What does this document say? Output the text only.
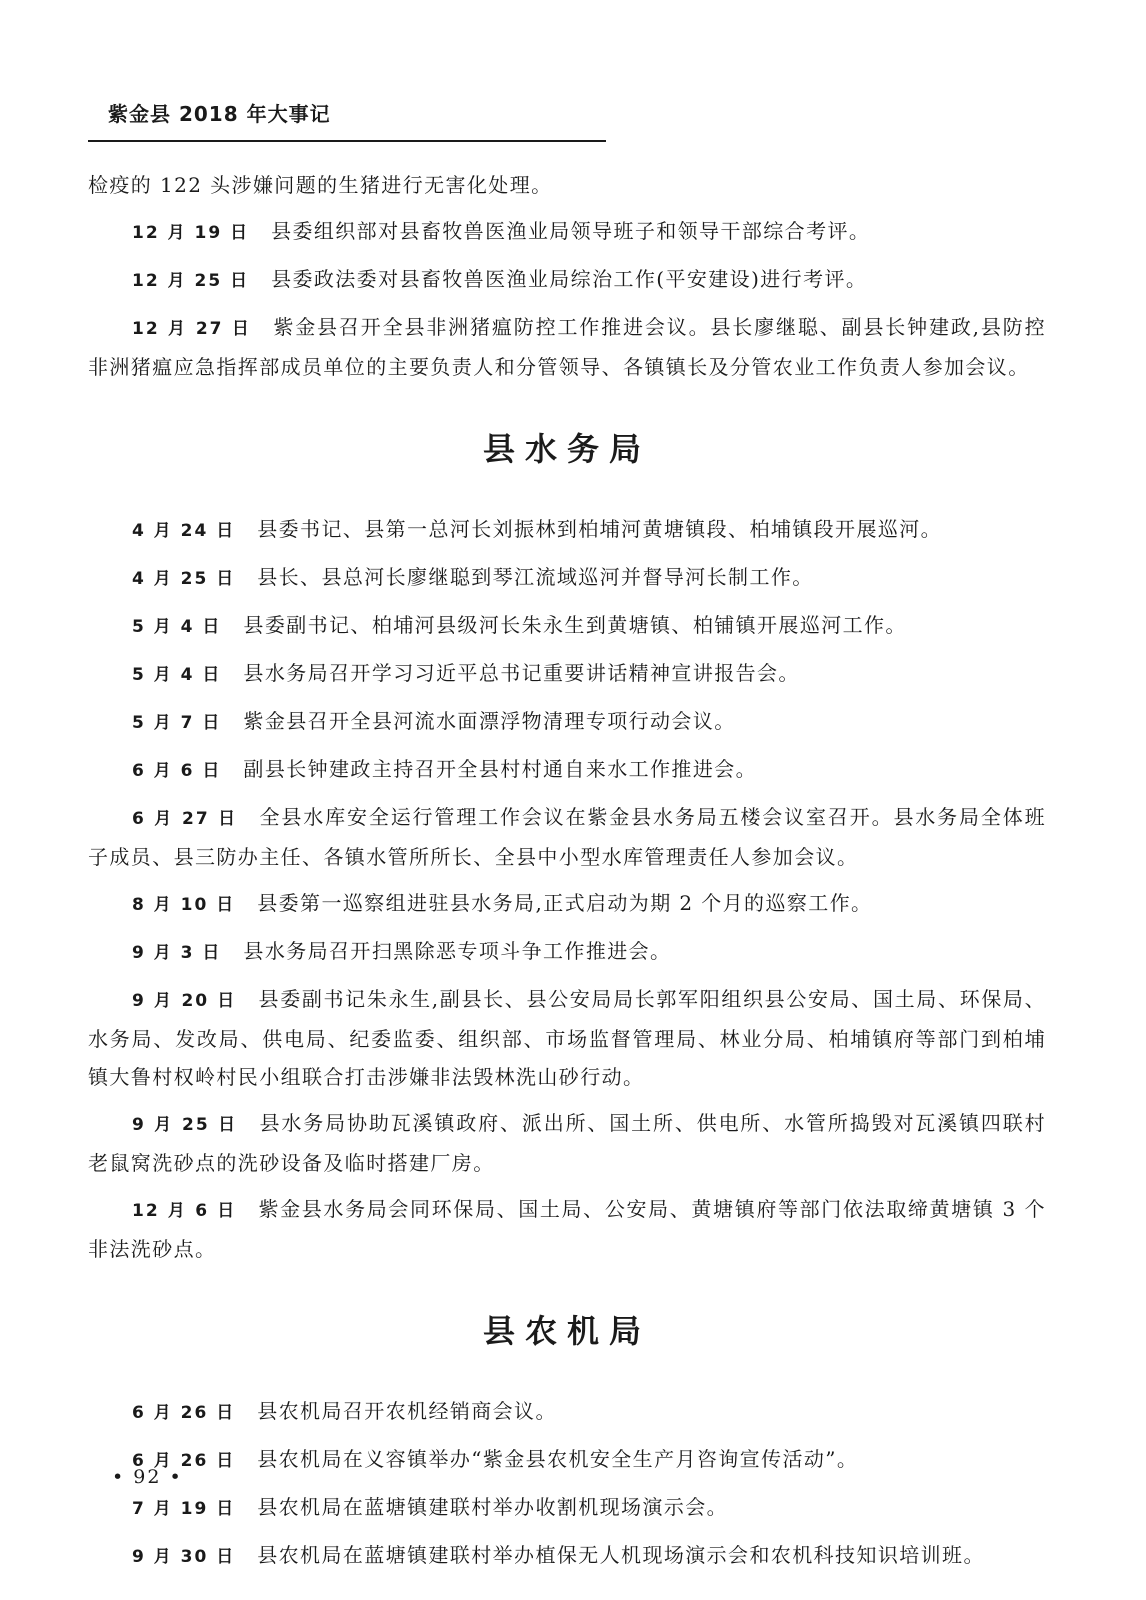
紫金县 2018 年大事记

检疫的 122 头涉嫌问题的生猪进行无害化处理。

12 月 19 日 县委组织部对县畜牧兽医渔业局领导班子和领导干部综合考评。

12 月 25 日 县委政法委对县畜牧兽医渔业局综治工作(平安建设)进行考评。

12 月 27 日 紫金县召开全县非洲猪瘟防控工作推进会议。县长廖继聪、副县长钟建政,县防控非洲猪瘟应急指挥部成员单位的主要负责人和分管领导、各镇镇长及分管农业工作负责人参加会议。

县水务局

4 月 24 日 县委书记、县第一总河长刘振林到柏埔河黄塘镇段、柏埔镇段开展巡河。

4 月 25 日 县长、县总河长廖继聪到琴江流域巡河并督导河长制工作。

5 月 4 日 县委副书记、柏埔河县级河长朱永生到黄塘镇、柏铺镇开展巡河工作。

5 月 4 日 县水务局召开学习习近平总书记重要讲话精神宣讲报告会。

5 月 7 日 紫金县召开全县河流水面漂浮物清理专项行动会议。

6 月 6 日 副县长钟建政主持召开全县村村通自来水工作推进会。

6 月 27 日 全县水库安全运行管理工作会议在紫金县水务局五楼会议室召开。县水务局全体班子成员、县三防办主任、各镇水管所所长、全县中小型水库管理责任人参加会议。

8 月 10 日 县委第一巡察组进驻县水务局,正式启动为期 2 个月的巡察工作。

9 月 3 日 县水务局召开扫黑除恶专项斗争工作推进会。

9 月 20 日 县委副书记朱永生,副县长、县公安局局长郭军阳组织县公安局、国土局、环保局、水务局、发改局、供电局、纪委监委、组织部、市场监督管理局、林业分局、柏埔镇府等部门到柏埔镇大鲁村权岭村民小组联合打击涉嫌非法毁林洗山砂行动。

9 月 25 日 县水务局协助瓦溪镇政府、派出所、国土所、供电所、水管所捣毁对瓦溪镇四联村老鼠窝洗砂点的洗砂设备及临时搭建厂房。

12 月 6 日 紫金县水务局会同环保局、国土局、公安局、黄塘镇府等部门依法取缔黄塘镇 3 个非法洗砂点。

县农机局

6 月 26 日 县农机局召开农机经销商会议。

6 月 26 日 县农机局在义容镇举办“紫金县农机安全生产月咨询宣传活动”。

7 月 19 日 县农机局在蓝塘镇建联村举办收割机现场演示会。

9 月 30 日 县农机局在蓝塘镇建联村举办植保无人机现场演示会和农机科技知识培训班。

• 92 •
